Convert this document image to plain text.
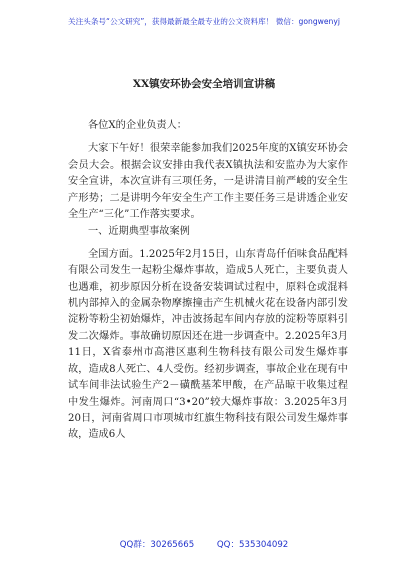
关注头条号“公文研究”，获得最新最全最专业的公文资料库！ 微信：gongwenyj
XX镇安环协会安全培训宣讲稿

各位X的企业负责人：

大家下午好！很荣幸能参加我们2025年度的X镇安环协会会员大会。根据会议安排由我代表X镇执法和安监办为大家作安全宣讲，本次宣讲有三项任务，一是讲清目前严峻的安全生产形势；二是讲明今年安全生产工作主要任务三是讲透企业安全生产“三化”工作落实要求。

一、近期典型事故案例

全国方面。1.2025年2月15日，山东青岛仟佰味食品配料有限公司发生一起粉尘爆炸事故，造成5人死亡，主要负责人也遇难，初步原因分析在设备安装调试过程中，原料仓或混料机内部掉入的金属杂物摩擦撞击产生机械火花在设备内部引发淀粉等粉尘初始爆炸，冲击波扬起车间内存放的淀粉等原料引发二次爆炸。事故确切原因还在进一步调查中。2.2025年3月11日，X省泰州市高港区惠利生物科技有限公司发生爆炸事故，造成8人死亡、4人受伤。经初步调查，事故企业在现有中试车间非法试验生产2－磺酰基苯甲酸，在产品晾干收集过程中发生爆炸。河南周口“3•20”较大爆炸事故：3.2025年3月20日，河南省周口市项城市红旗生物科技有限公司发生爆炸事故，造成6人

QQ群：30265665	QQ：535304092
